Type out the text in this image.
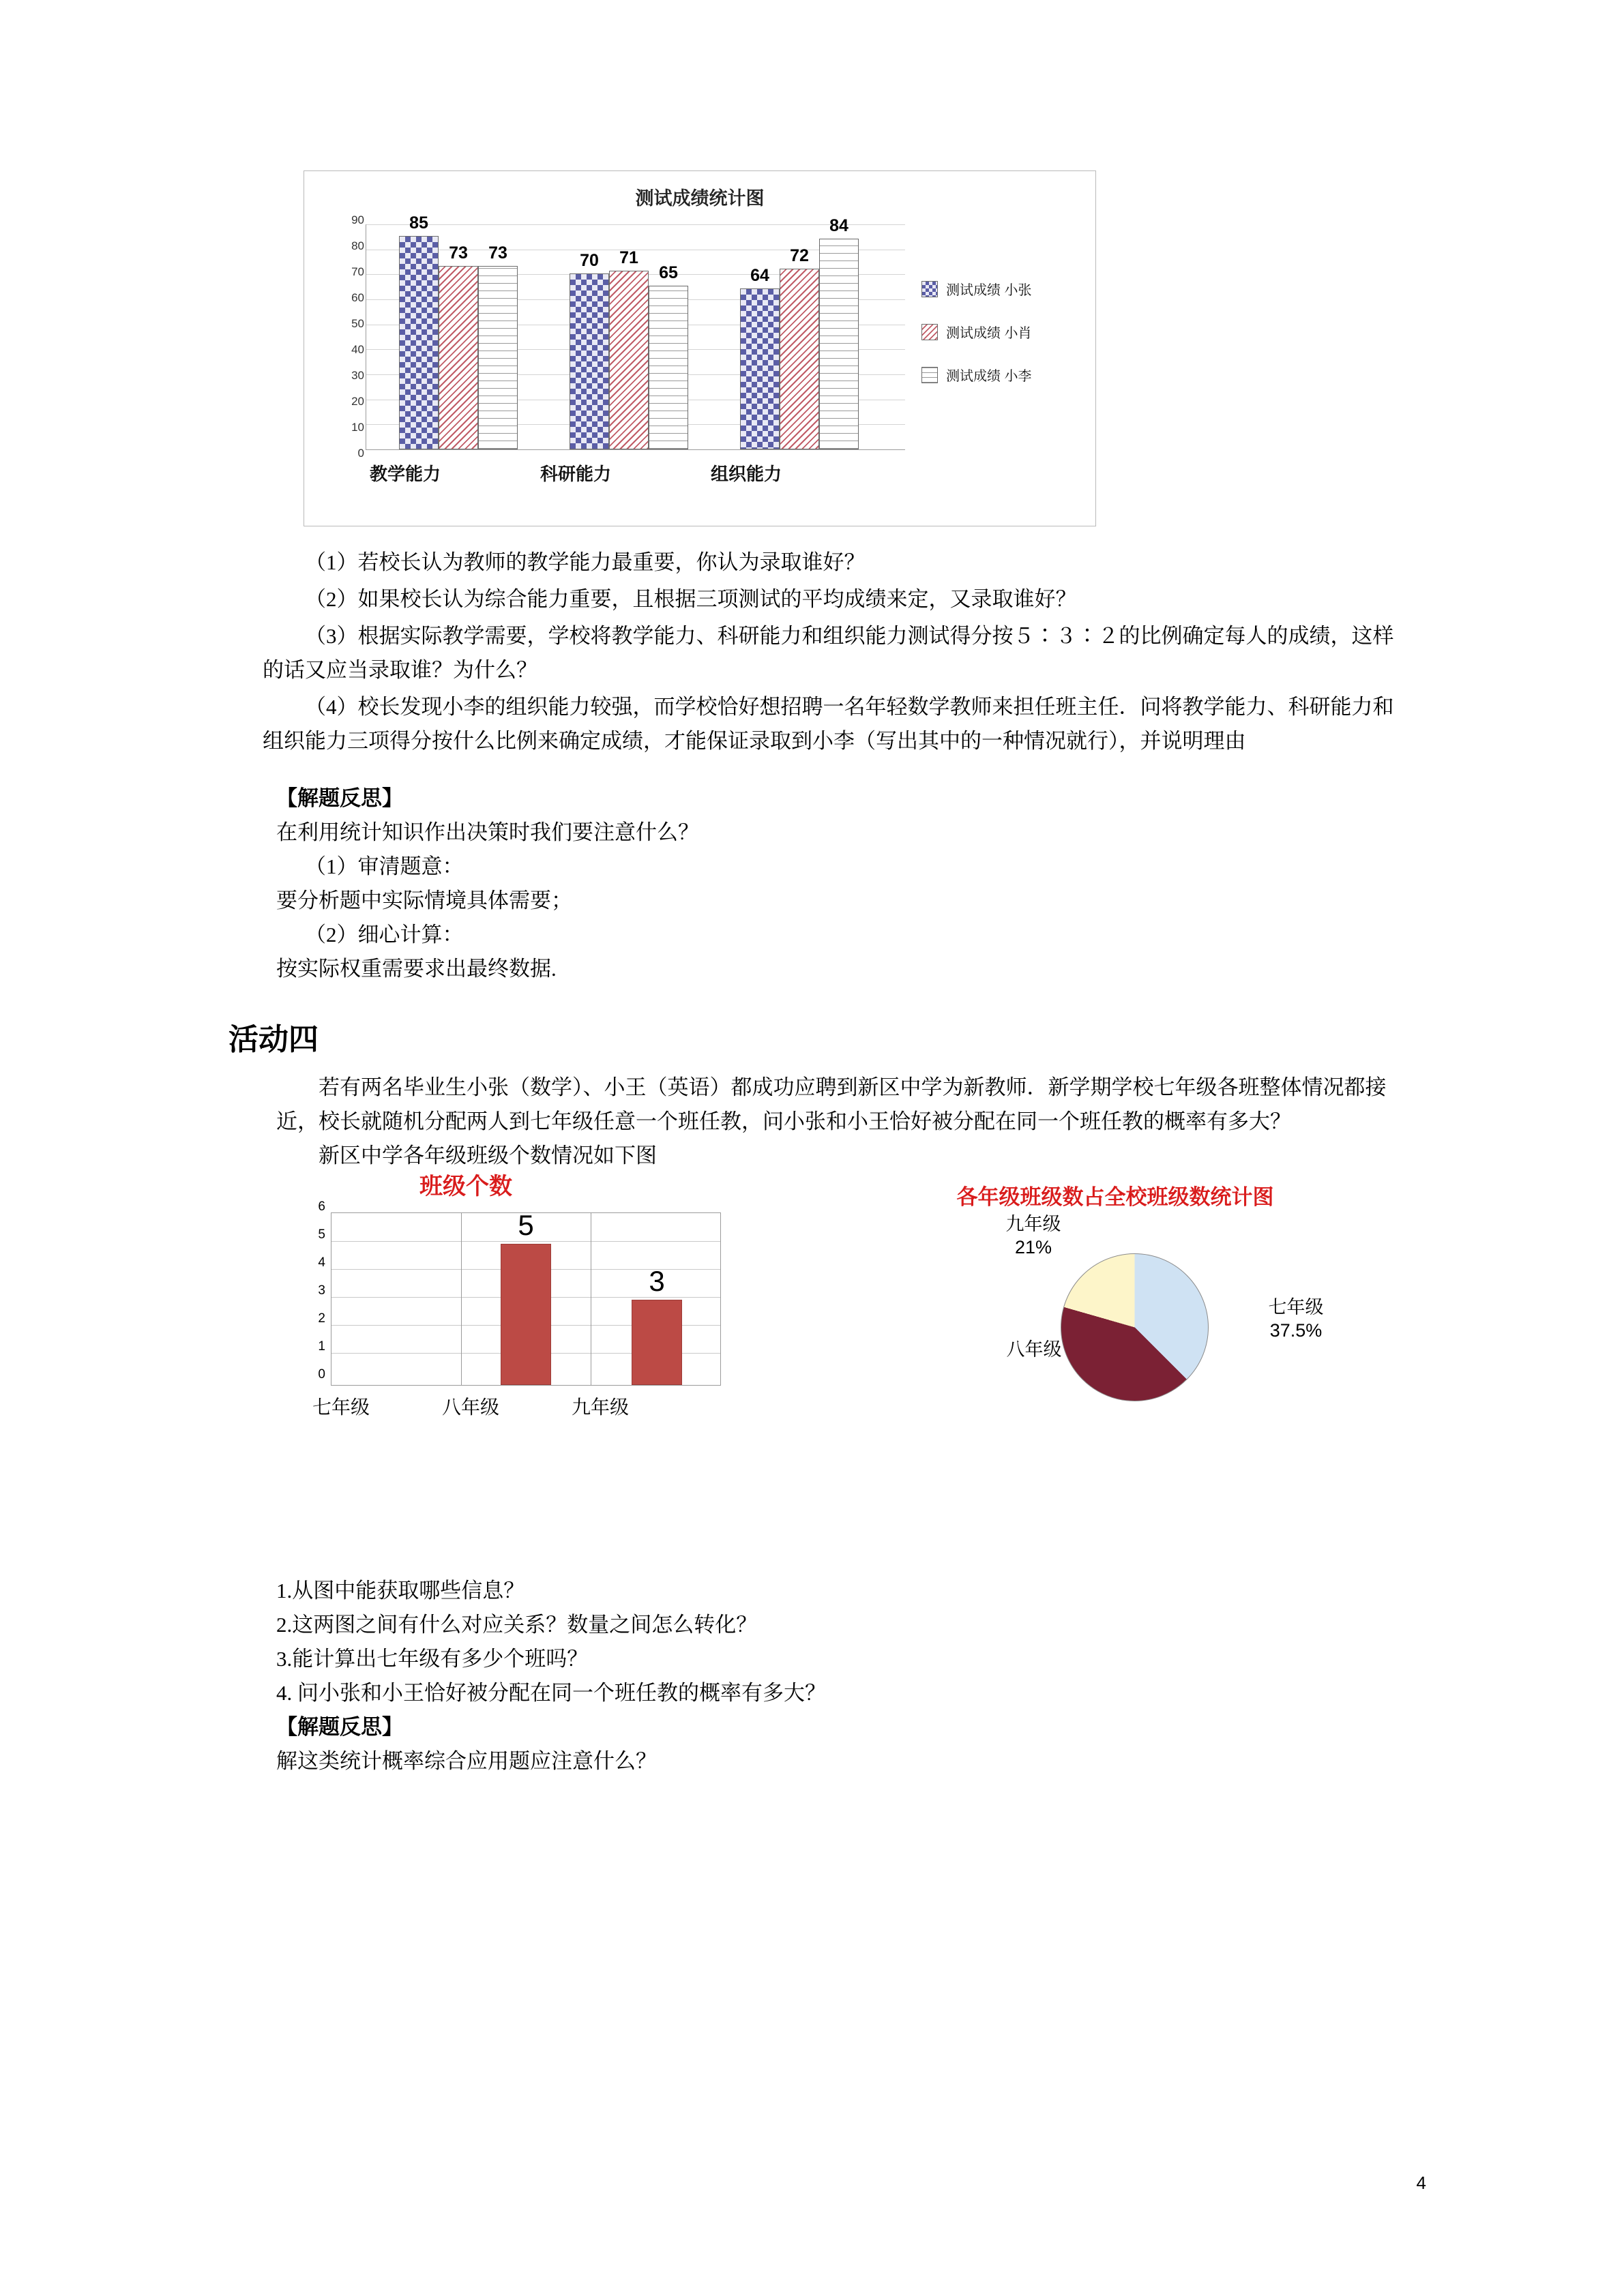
测试成绩统计图
90
80
70
60
50
40
30
20
10
0
85
73 73	70 71
65	64
72
84
教学能力	科研能力	组织能力
测试成绩 小张
测试成绩 小肖
测试成绩 小李

（1）若校长认为教师的教学能力最重要，你认为录取谁好？

（2）如果校长认为综合能力重要，且根据三项测试的平均成绩来定，又录取谁好？

（3）根据实际教学需要，学校将教学能力、科研能力和组织能力测试得分按５∶３∶２的比例确定每人的成绩，这样的话又应当录取谁？为什么？

（4）校长发现小李的组织能力较强，而学校恰好想招聘一名年轻数学教师来担任班主任．问将教学能力、科研能力和组织能力三项得分按什么比例来确定成绩，才能保证录取到小李（写出其中的一种情况就行），并说明理由

【解题反思】

在利用统计知识作出决策时我们要注意什么？

（1）审清题意：

要分析题中实际情境具体需要；

（2）细心计算：

按实际权重需要求出最终数据.

活动四

若有两名毕业生小张（数学）、小王（英语）都成功应聘到新区中学为新教师．新学期学校七年级各班整体情况都接近，校长就随机分配两人到七年级任意一个班任教，问小张和小王恰好被分配在同一个班任教的概率有多大？

新区中学各年级班级个数情况如下图

班级个数
6
5
4
3
2
1
0
5
3
七年级	八年级	九年级
各年级班级数占全校班级数统计图
七年级
37.5%
八年级
九年级
21%

1.从图中能获取哪些信息？

2.这两图之间有什么对应关系？数量之间怎么转化？

3.能计算出七年级有多少个班吗？

4. 问小张和小王恰好被分配在同一个班任教的概率有多大？

【解题反思】

解这类统计概率综合应用题应注意什么？

4
